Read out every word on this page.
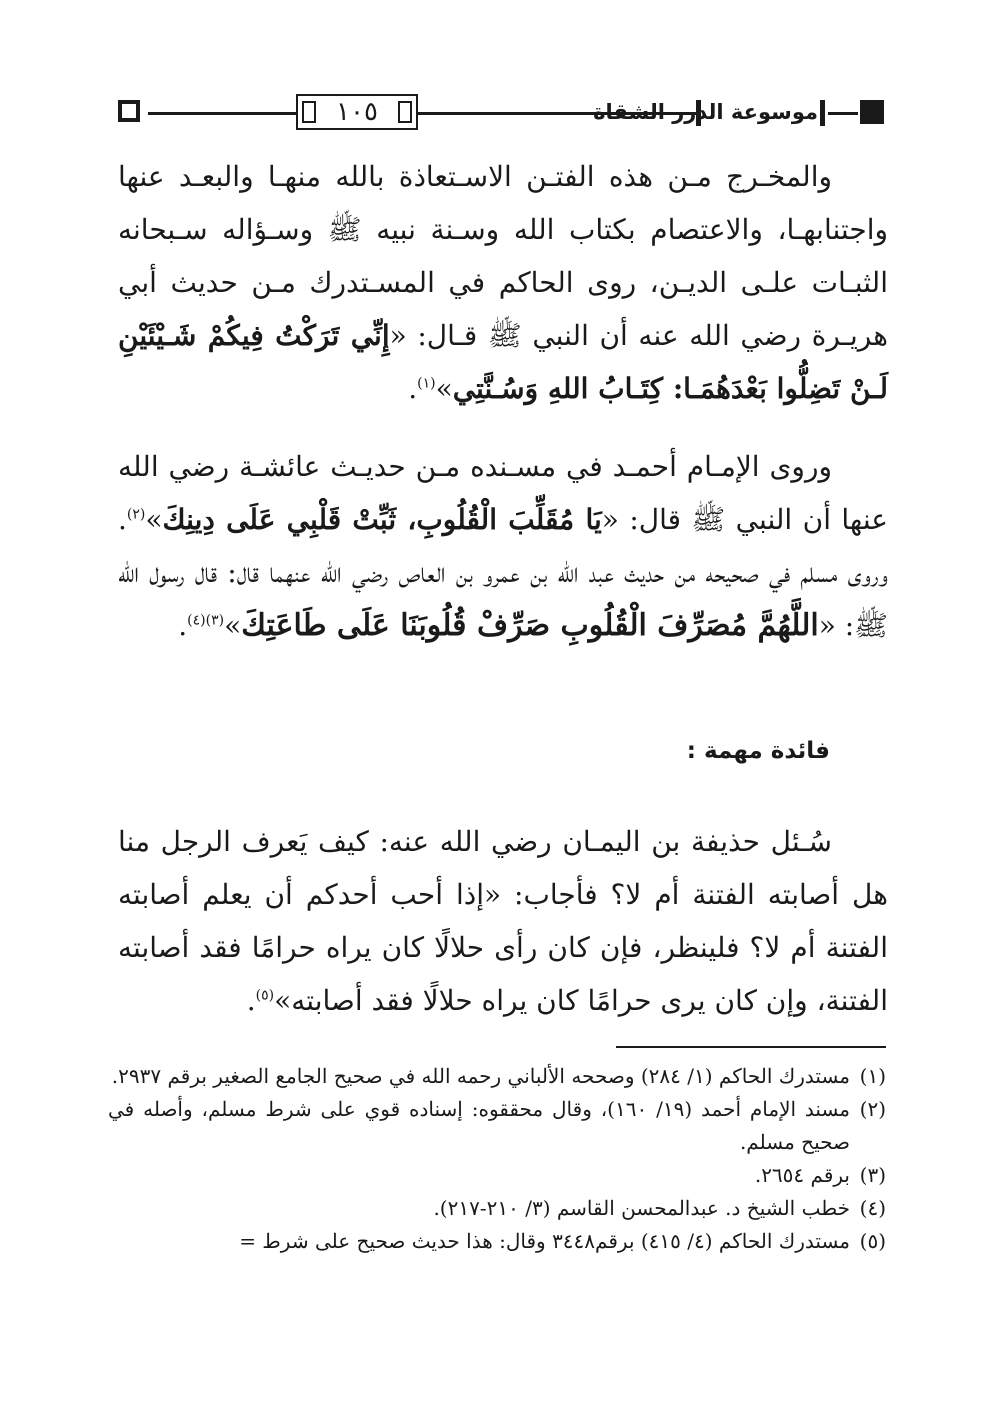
١٠٥	موسوعة الدرر الشقاة

والمخـرج مـن هذه الفتـن الاسـتعاذة بالله منهـا والبعـد عنها واجتنابهـا، والاعتصام بكتاب الله وسـنة نبيه ﷺ وسـؤاله سـبحانه الثبـات علـى الديـن، روى الحاكم في المسـتدرك مـن حديث أبي هريـرة رضي الله عنه أن النبي ﷺ قـال: «إِنِّي تَرَكْتُ فِيكُمْ شَـيْئَيْنِ لَـنْ تَضِلُّوا بَعْدَهُمَـا: كِتَـابُ اللهِ وَسُـنَّتِي»$^{(١)}$.

وروى الإمـام أحمـد في مسـنده مـن حديـث عائشـة رضي الله عنها أن النبي ﷺ قال: «يَا مُقَلِّبَ الْقُلُوبِ، ثَبِّتْ قَلْبِي عَلَى دِينِكَ»$^{(٢)}$. وروى مسلم في صحيحه من حديث عبد الله بن عمرو بن العاص رضي الله عنهما قال: قال رسول الله ﷺ: «اللَّهُمَّ مُصَرِّفَ الْقُلُوبِ صَرِّفْ قُلُوبَنَا عَلَى طَاعَتِكَ»$^{(٣)(٤)}$.

فائدة مهمة :

سُـئل حذيفة بن اليمـان رضي الله عنه: كيف يَعرف الرجل منا هل أصابته الفتنة أم لا؟ فأجاب: «إذا أحب أحدكم أن يعلم أصابته الفتنة أم لا؟ فلينظر، فإن كان رأى حلالًا كان يراه حرامًا فقد أصابته الفتنة، وإن كان يرى حرامًا كان يراه حلالًا فقد أصابته»$^{(٥)}$.

(١)
مستدرك الحاكم (١/ ٢٨٤) وصححه الألباني رحمه الله في صحيح الجامع الصغير برقم ٢٩٣٧.
(٢)
مسند الإمام أحمد (١٩/ ١٦٠)، وقال محققوه: إسناده قوي على شرط مسلم، وأصله في صحيح مسلم.
(٣)
برقم ٢٦٥٤.
(٤)
خطب الشيخ د. عبدالمحسن القاسم (٣/ ٢١٠-٢١٧).
(٥)
مستدرك الحاكم (٤/ ٤١٥) برقم٣٤٤٨ وقال: هذا حديث صحيح على شرط =
